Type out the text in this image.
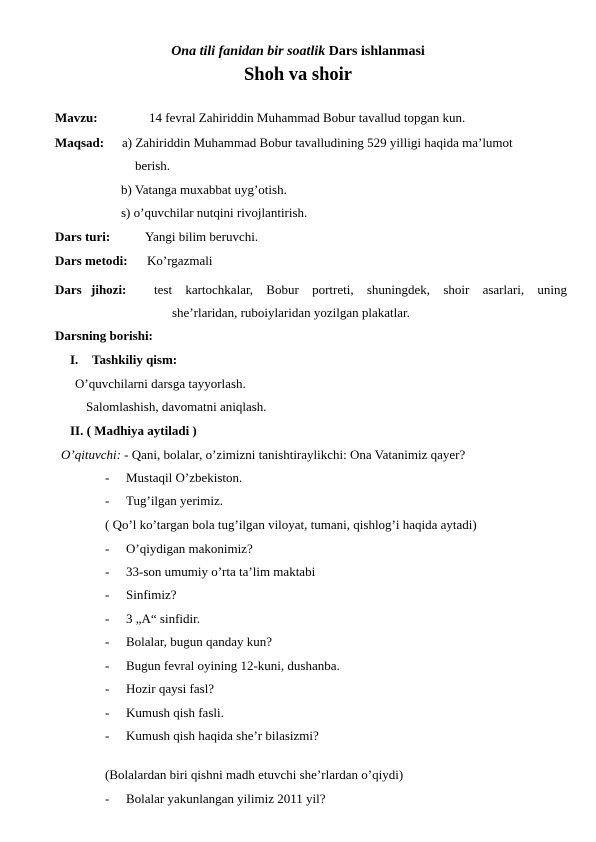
Ona tili fanidan bir soatlik Dars ishlanmasi
Shoh va shoir
Mavzu:	14 fevral Zahiriddin Muhammad Bobur tavallud topgan kun.
Maqsad: a) Zahiriddin Muhammad Bobur tavalludining 529 yilligi haqida ma’lumot
berish.
b) Vatanga muxabbat uyg’otish.
s) o’quvchilar nutqini rivojlantirish.
Dars turi:	Yangi bilim beruvchi.
Dars metodi: Ko’rgazmali
Dars jihozi: test kartochkalar, Bobur portreti, shuningdek, shoir asarlari, uning
she’rlaridan, ruboiylaridan yozilgan plakatlar.
Darsning borishi:
I. Tashkiliy qism:
O’quvchilarni darsga tayyorlash.
Salomlashish, davomatni aniqlash.
II. ( Madhiya aytiladi )
O’qituvchi: - Qani, bolalar, o’zimizni tanishtiraylikchi: Ona Vatanimiz qayer?
- Mustaqil O’zbekiston.
- Tug’ilgan yerimiz.
- O’qiydigan makonimiz?
- 33-son umumiy o’rta ta’lim maktabi
- Sinfimiz?
- 3 „A“ sinfidir.
- Bolalar, bugun qanday kun?
- Bugun fevral oyining 12-kuni, dushanba.
- Hozir qaysi fasl?
- Kumush qish fasli.
- Kumush qish haqida she’r bilasizmi?
- Bolalar yakunlangan yilimiz 2011 yil?
( Qo’l ko’targan bola tug’ilgan viloyat, tumani, qishlog’i haqida aytadi)
(Bolalardan biri qishni madh etuvchi she’rlardan o’qiydi)
